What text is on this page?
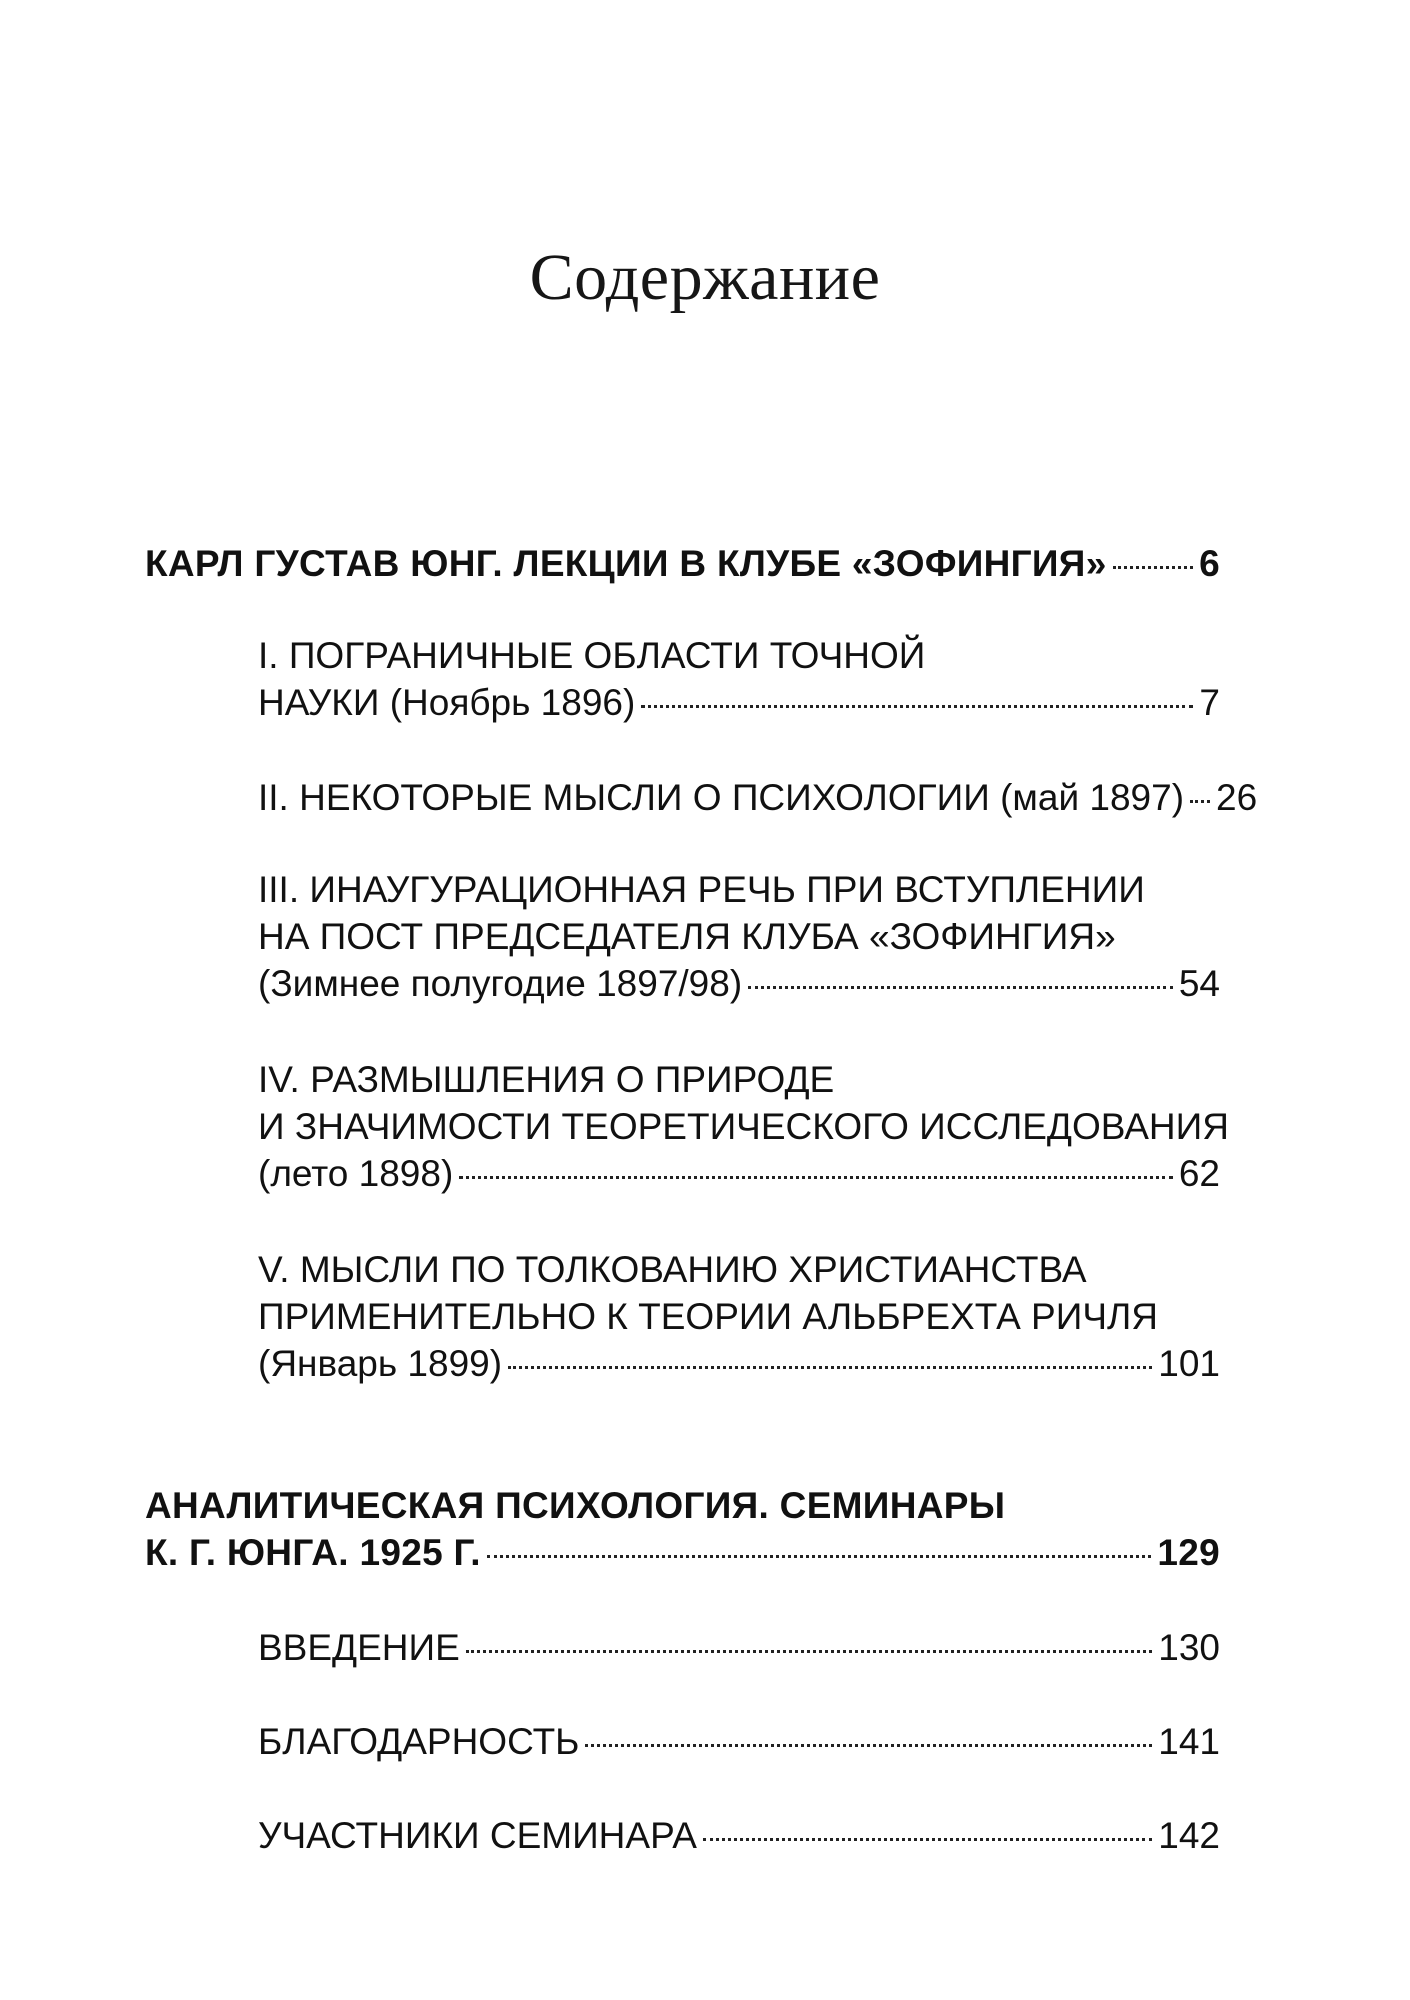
Содержание
КАРЛ ГУСТАВ ЮНГ. ЛЕКЦИИ В КЛУБЕ «ЗОФИНГИЯ»	6
I. ПОГРАНИЧНЫЕ ОБЛАСТИ ТОЧНОЙ
НАУКИ (Ноябрь 1896)	7
II. НЕКОТОРЫЕ МЫСЛИ О ПСИХОЛОГИИ (май 1897) 26
III. ИНАУГУРАЦИОННАЯ РЕЧЬ ПРИ ВСТУПЛЕНИИ
НА ПОСТ ПРЕДСЕДАТЕЛЯ КЛУБА «ЗОФИНГИЯ»
(Зимнее полугодие 1897/98)	54
IV. РАЗМЫШЛЕНИЯ О ПРИРОДЕ
И ЗНАЧИМОСТИ ТЕОРЕТИЧЕСКОГО ИССЛЕДОВАНИЯ
(лето 1898)	62
V. МЫСЛИ ПО ТОЛКОВАНИЮ ХРИСТИАНСТВА
ПРИМЕНИТЕЛЬНО К ТЕОРИИ АЛЬБРЕХТА РИЧЛЯ
(Январь 1899)	101
АНАЛИТИЧЕСКАЯ ПСИХОЛОГИЯ. СЕМИНАРЫ
К. Г. ЮНГА. 1925 Г.	129
ВВЕДЕНИЕ	130
БЛАГОДАРНОСТЬ	141
УЧАСТНИКИ СЕМИНАРА	142
